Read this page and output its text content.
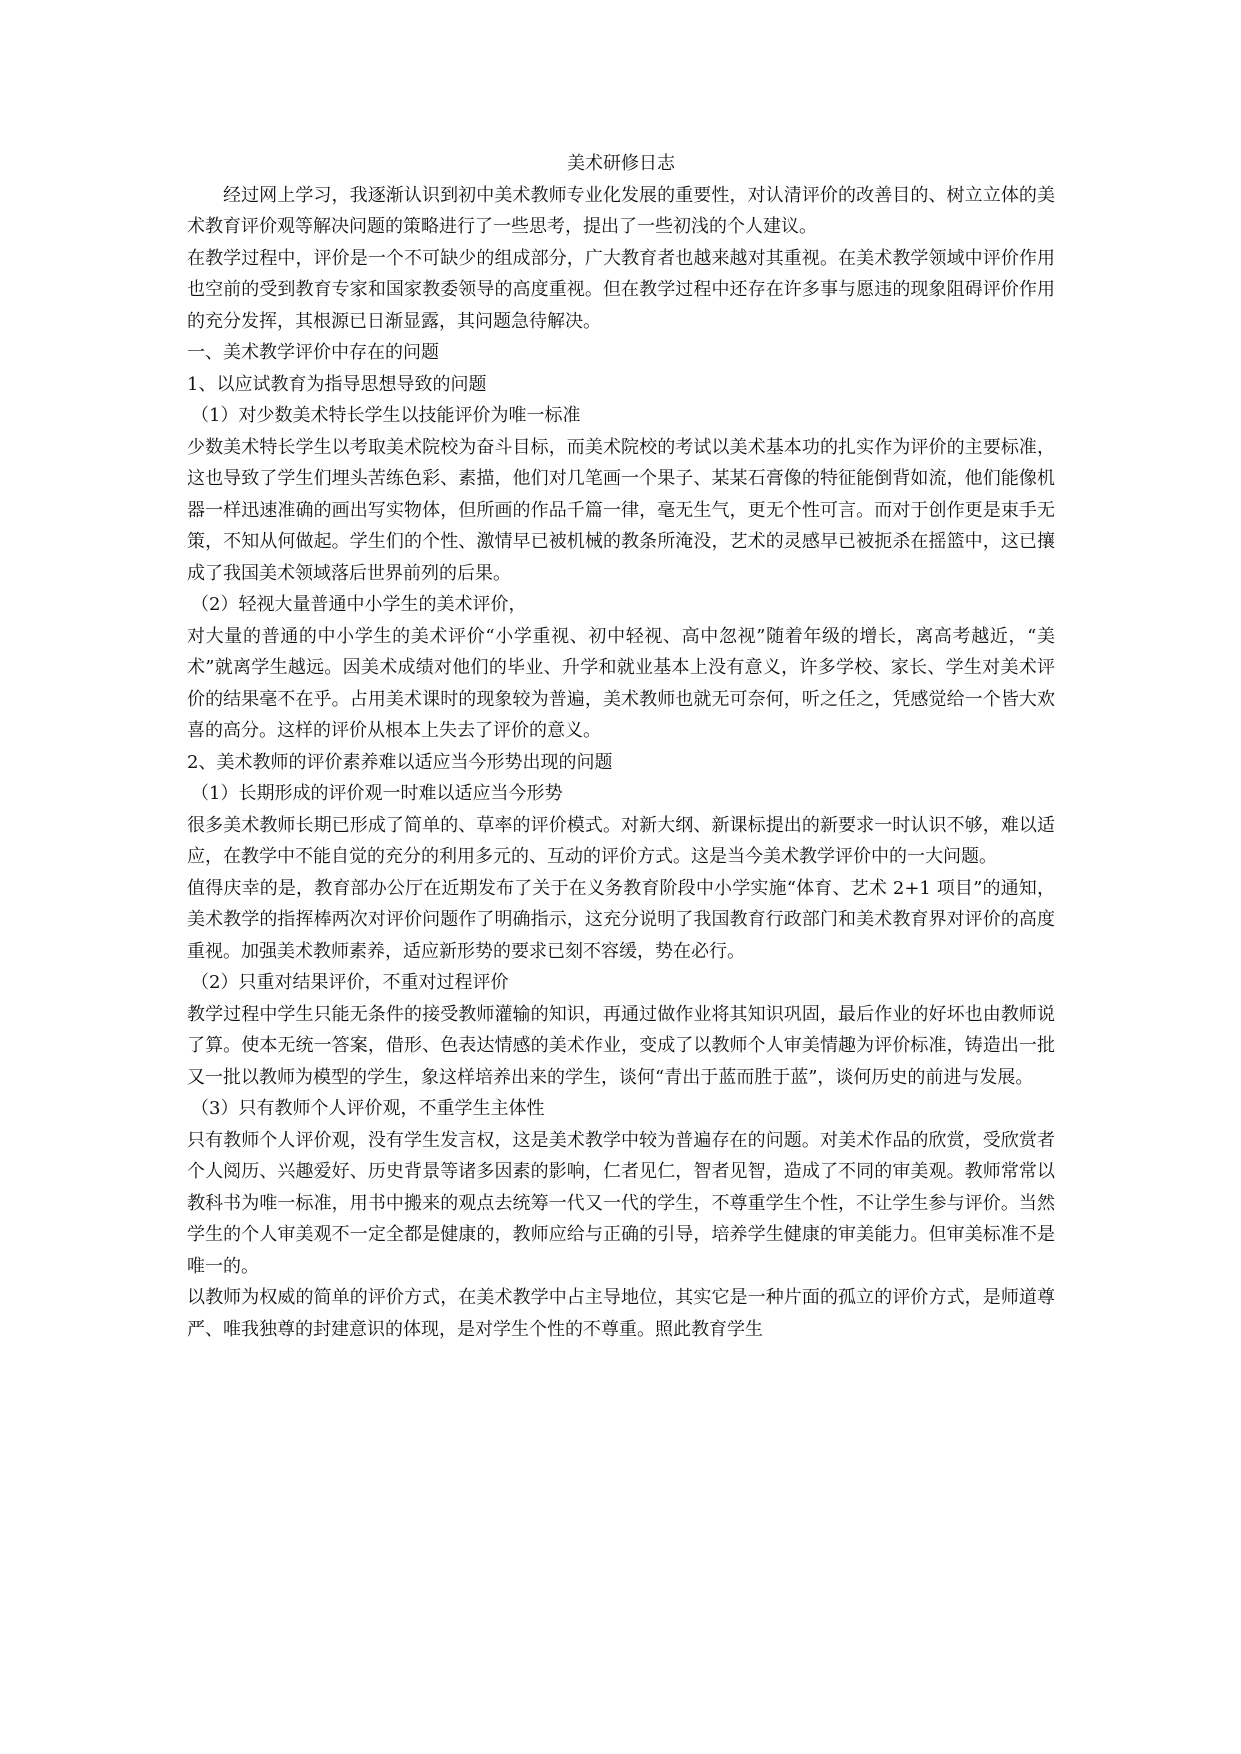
美术研修日志

经过网上学习，我逐渐认识到初中美术教师专业化发展的重要性，对认清评价的改善目的、树立立体的美术教育评价观等解决问题的策略进行了一些思考，提出了一些初浅的个人建议。

在教学过程中，评价是一个不可缺少的组成部分，广大教育者也越来越对其重视。在美术教学领域中评价作用也空前的受到教育专家和国家教委领导的高度重视。但在教学过程中还存在许多事与愿违的现象阻碍评价作用的充分发挥，其根源已日渐显露，其问题急待解决。

一、美术教学评价中存在的问题

1、以应试教育为指导思想导致的问题

（1）对少数美术特长学生以技能评价为唯一标准

少数美术特长学生以考取美术院校为奋斗目标，而美术院校的考试以美术基本功的扎实作为评价的主要标准，这也导致了学生们埋头苦练色彩、素描，他们对几笔画一个果子、某某石膏像的特征能倒背如流，他们能像机器一样迅速准确的画出写实物体，但所画的作品千篇一律，毫无生气，更无个性可言。而对于创作更是束手无策，不知从何做起。学生们的个性、激情早已被机械的教条所淹没，艺术的灵感早已被扼杀在摇篮中，这已攘成了我国美术领域落后世界前列的后果。

（2）轻视大量普通中小学生的美术评价，

对大量的普通的中小学生的美术评价“小学重视、初中轻视、高中忽视”随着年级的增长，离高考越近，“美术”就离学生越远。因美术成绩对他们的毕业、升学和就业基本上没有意义，许多学校、家长、学生对美术评价的结果毫不在乎。占用美术课时的现象较为普遍，美术教师也就无可奈何，听之任之，凭感觉给一个皆大欢喜的高分。这样的评价从根本上失去了评价的意义。

2、美术教师的评价素养难以适应当今形势出现的问题

（1）长期形成的评价观一时难以适应当今形势

很多美术教师长期已形成了简单的、草率的评价模式。对新大纲、新课标提出的新要求一时认识不够，难以适应，在教学中不能自觉的充分的利用多元的、互动的评价方式。这是当今美术教学评价中的一大问题。

值得庆幸的是，教育部办公厅在近期发布了关于在义务教育阶段中小学实施“体育、艺术 2+1 项目”的通知，美术教学的指挥棒两次对评价问题作了明确指示，这充分说明了我国教育行政部门和美术教育界对评价的高度重视。加强美术教师素养，适应新形势的要求已刻不容缓，势在必行。

（2）只重对结果评价，不重对过程评价

教学过程中学生只能无条件的接受教师灌输的知识，再通过做作业将其知识巩固，最后作业的好坏也由教师说了算。使本无统一答案，借形、色表达情感的美术作业，变成了以教师个人审美情趣为评价标准，铸造出一批又一批以教师为模型的学生，象这样培养出来的学生，谈何“青出于蓝而胜于蓝”，谈何历史的前进与发展。

（3）只有教师个人评价观，不重学生主体性

只有教师个人评价观，没有学生发言权，这是美术教学中较为普遍存在的问题。对美术作品的欣赏，受欣赏者个人阅历、兴趣爱好、历史背景等诸多因素的影响，仁者见仁，智者见智，造成了不同的审美观。教师常常以教科书为唯一标准，用书中搬来的观点去统筹一代又一代的学生，不尊重学生个性，不让学生参与评价。当然学生的个人审美观不一定全都是健康的，教师应给与正确的引导，培养学生健康的审美能力。但审美标准不是唯一的。

以教师为权威的简单的评价方式，在美术教学中占主导地位，其实它是一种片面的孤立的评价方式，是师道尊严、唯我独尊的封建意识的体现，是对学生个性的不尊重。照此教育学生
